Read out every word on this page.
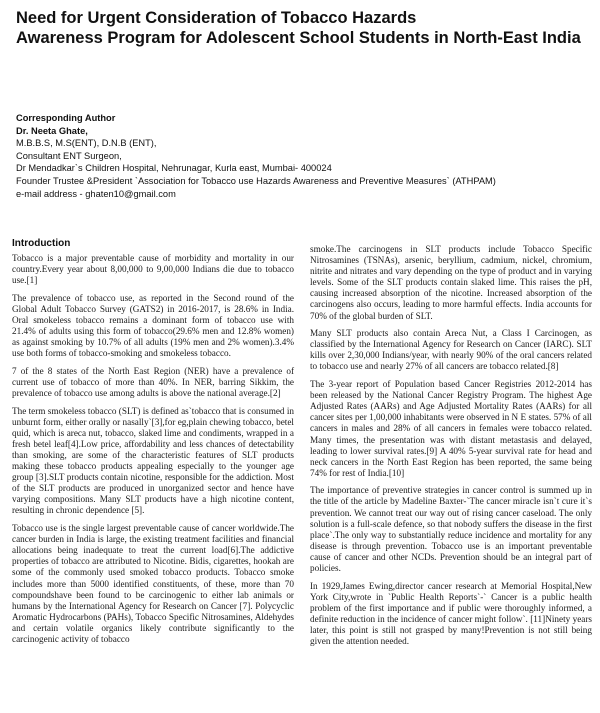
Need for Urgent Consideration of Tobacco Hazards
Awareness Program for Adolescent School Students in North-East India
Corresponding Author
Dr. Neeta Ghate,
M.B.B.S, M.S(ENT), D.N.B (ENT),
Consultant ENT Surgeon,
Dr Mendadkar`s Children Hospital, Nehrunagar, Kurla east, Mumbai- 400024
Founder Trustee &President `Association for Tobacco use Hazards Awareness and Preventive Measures` (ATHPAM)
e-mail address - ghaten10@gmail.com
Introduction

Tobacco is a major preventable cause of morbidity and mortality in our country.Every year about 8,00,000 to 9,00,000 Indians die due to tobacco use.[1]

The prevalence of tobacco use, as reported in the Second round of the Global Adult Tobacco Survey (GATS2) in 2016-2017, is 28.6% in India. Oral smokeless tobacco remains a dominant form of tobacco use with 21.4% of adults using this form of tobacco(29.6% men and 12.8% women) as against smoking by 10.7% of all adults (19% men and 2% women).3.4% use both forms of tobacco-smoking and smokeless tobacco.

7 of the 8 states of the North East Region (NER) have a prevalence of current use of tobacco of more than 40%. In NER, barring Sikkim, the prevalence of tobacco use among adults is above the national average.[2]

The term smokeless tobacco (SLT) is defined as`tobacco that is consumed in unburnt form, either orally or nasally`[3],for eg,plain chewing tobacco, betel quid, which is areca nut, tobacco, slaked lime and condiments, wrapped in a fresh betel leaf[4].Low price, affordability and less chances of detectability than smoking, are some of the characteristic features of SLT products making these tobacco products appealing especially to the younger age group [3].SLT products contain nicotine, responsible for the addiction. Most of the SLT products are produced in unorganized sector and hence have varying compositions. Many SLT products have a high nicotine content, resulting in chronic dependence [5].

Tobacco use is the single largest preventable cause of cancer worldwide.The cancer burden in India is large, the existing treatment facilities and financial allocations being inadequate to treat the current load[6].The addictive properties of tobacco are attributed to Nicotine. Bidis, cigarettes, hookah are some of the commonly used smoked tobacco products. Tobacco smoke includes more than 5000 identified constituents, of these, more than 70 compoundshave been found to be carcinogenic to either lab animals or humans by the International Agency for Research on Cancer [7]. Polycyclic Aromatic Hydrocarbons (PAHs), Tobacco Specific Nitrosamines, Aldehydes and certain volatile organics likely contribute significantly to the carcinogenic activity of tobacco

smoke.The carcinogens in SLT products include Tobacco Specific Nitrosamines (TSNAs), arsenic, beryllium, cadmium, nickel, chromium, nitrite and nitrates and vary depending on the type of product and in varying levels. Some of the SLT products contain slaked lime. This raises the pH, causing increased absorption of the nicotine. Increased absorption of the carcinogens also occurs, leading to more harmful effects. India accounts for 70% of the global burden of SLT.

Many SLT products also contain Areca Nut, a Class I Carcinogen, as classified by the International Agency for Research on Cancer (IARC). SLT kills over 2,30,000 Indians/year, with nearly 90% of the oral cancers related to tobacco use and nearly 27% of all cancers are tobacco related.[8]

The 3-year report of Population based Cancer Registries 2012-2014 has been released by the National Cancer Registry Program. The highest Age Adjusted Rates (AARs) and Age Adjusted Mortality Rates (AARs) for all cancer sites per 1,00,000 inhabitants were observed in N E states. 57% of all cancers in males and 28% of all cancers in females were tobacco related. Many times, the presentation was with distant metastasis and delayed, leading to lower survival rates.[9] A 40% 5-year survival rate for head and neck cancers in the North East Region has been reported, the same being 74% for rest of India.[10]

The importance of preventive strategies in cancer control is summed up in the title of the article by Madeline Baxter-`The cancer miracle isn`t cure it`s prevention. We cannot treat our way out of rising cancer caseload. The only solution is a full-scale defence, so that nobody suffers the disease in the first place`.The only way to substantially reduce incidence and mortality for any disease is through prevention. Tobacco use is an important preventable cause of cancer and other NCDs. Prevention should be an integral part of policies.

In 1929,James Ewing,director cancer research at Memorial Hospital,New York City,wrote in `Public Health Reports`-` Cancer is a public health problem of the first importance and if public were thoroughly informed, a definite reduction in the incidence of cancer might follow`. [11]Ninety years later, this point is still not grasped by many!Prevention is not still being given the attention needed.
